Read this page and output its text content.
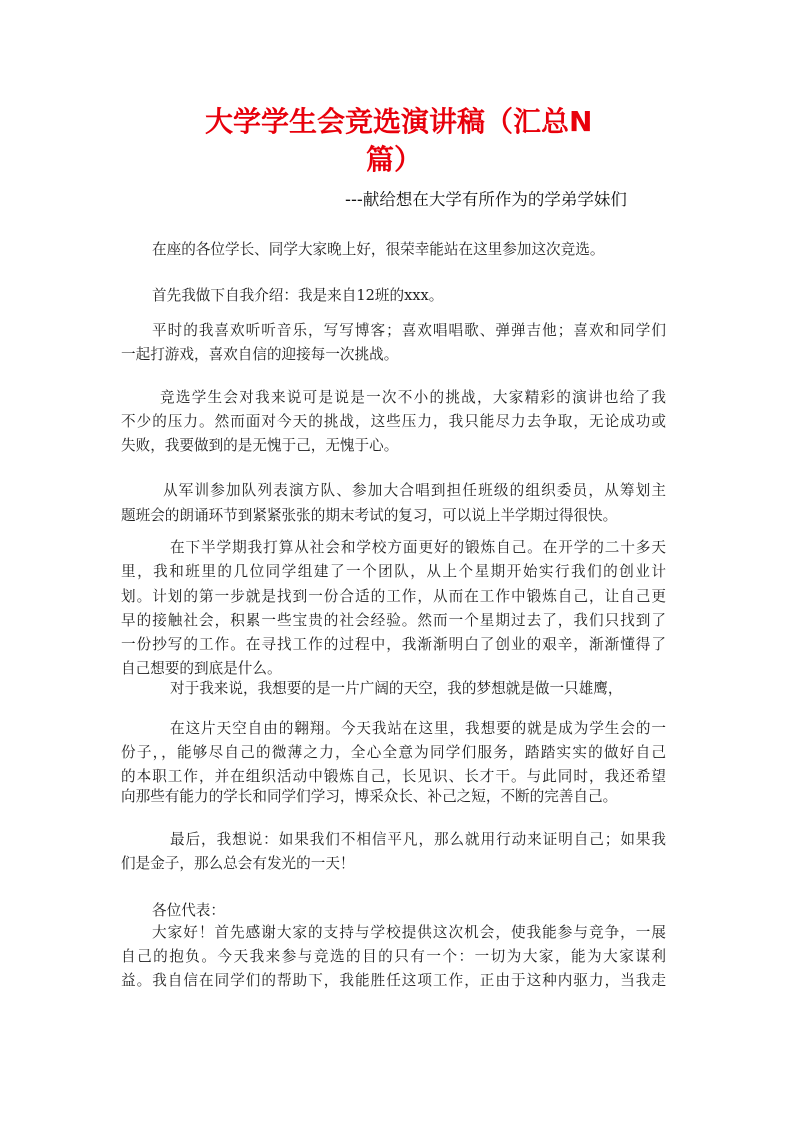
大学学生会竞选演讲稿（汇总N
篇）
---献给想在大学有所作为的学弟学妹们
在座的各位学长、同学大家晚上好，很荣幸能站在这里参加这次竞选。
首先我做下自我介绍：我是来自12班的xxx。
平时的我喜欢听听音乐，写写博客；喜欢唱唱歌、弹弹吉他；喜欢和同学们
一起打游戏，喜欢自信的迎接每一次挑战。
竞选学生会对我来说可是说是一次不小的挑战，大家精彩的演讲也给了我
不少的压力。然而面对今天的挑战，这些压力，我只能尽力去争取，无论成功或
失败，我要做到的是无愧于己，无愧于心。
从军训参加队列表演方队、参加大合唱到担任班级的组织委员，从筹划主
题班会的朗诵环节到紧紧张张的期末考试的复习，可以说上半学期过得很快。
在下半学期我打算从社会和学校方面更好的锻炼自己。在开学的二十多天
里，我和班里的几位同学组建了一个团队，从上个星期开始实行我们的创业计
划。计划的第一步就是找到一份合适的工作，从而在工作中锻炼自己，让自己更
早的接触社会，积累一些宝贵的社会经验。然而一个星期过去了，我们只找到了
一份抄写的工作。在寻找工作的过程中，我渐渐明白了创业的艰辛，渐渐懂得了
自己想要的到底是什么。
对于我来说，我想要的是一片广阔的天空，我的梦想就是做一只雄鹰，
在这片天空自由的翱翔。今天我站在这里，我想要的就是成为学生会的一
份子，，能够尽自己的微薄之力，全心全意为同学们服务，踏踏实实的做好自己
的本职工作，并在组织活动中锻炼自己，长见识、长才干。与此同时，我还希望
向那些有能力的学长和同学们学习，博采众长、补己之短，不断的完善自己。
最后，我想说：如果我们不相信平凡，那么就用行动来证明自己；如果我
们是金子，那么总会有发光的一天！
各位代表：
大家好！首先感谢大家的支持与学校提供这次机会，使我能参与竞争，一展
自己的抱负。今天我来参与竞选的目的只有一个：一切为大家，能为大家谋利
益。我自信在同学们的帮助下，我能胜任这项工作，正由于这种内驱力，当我走
